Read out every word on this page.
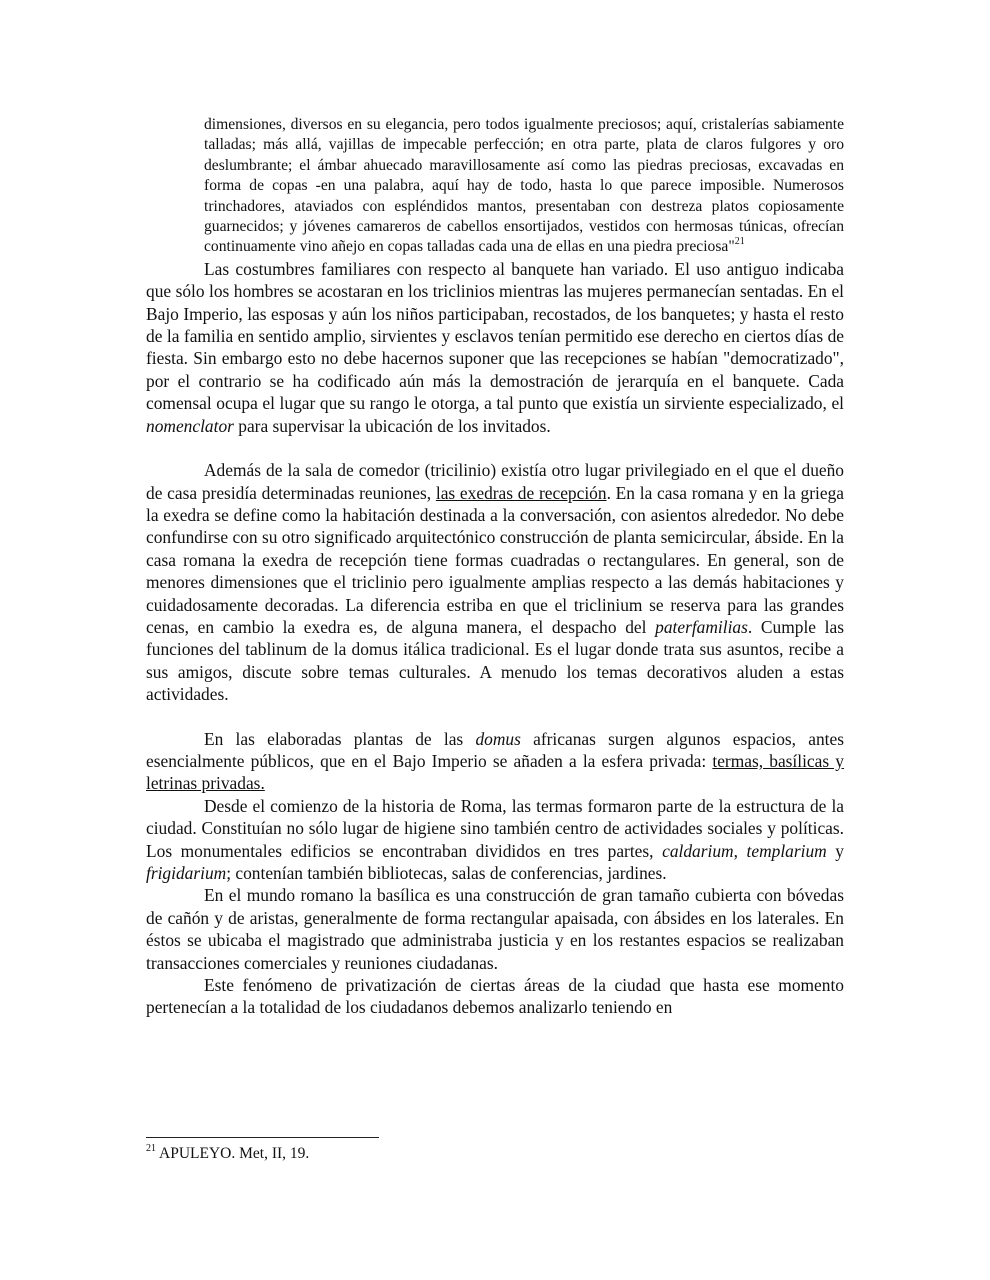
dimensiones, diversos en su elegancia, pero todos igualmente preciosos; aquí, cristalerías sabiamente talladas; más allá, vajillas de impecable perfección; en otra parte, plata de claros fulgores y oro deslumbrante; el ámbar ahuecado maravillosamente así como las piedras preciosas, excavadas en forma de copas -en una palabra, aquí hay de todo, hasta lo que parece imposible. Numerosos trinchadores, ataviados con espléndidos mantos, presentaban con destreza platos copiosamente guarnecidos; y jóvenes camareros de cabellos ensortijados, vestidos con hermosas túnicas, ofrecían continuamente vino añejo en copas talladas cada una de ellas en una piedra preciosa"$^{21}$

Las costumbres familiares con respecto al banquete han variado. El uso antiguo indicaba que sólo los hombres se acostaran en los triclinios mientras las mujeres permanecían sentadas. En el Bajo Imperio, las esposas y aún los niños participaban, recostados, de los banquetes; y hasta el resto de la familia en sentido amplio, sirvientes y esclavos tenían permitido ese derecho en ciertos días de fiesta. Sin embargo esto no debe hacernos suponer que las recepciones se habían "democratizado", por el contrario se ha codificado aún más la demostración de jerarquía en el banquete. Cada comensal ocupa el lugar que su rango le otorga, a tal punto que existía un sirviente especializado, el nomenclator para supervisar la ubicación de los invitados.

Además de la sala de comedor (tricilinio) existía otro lugar privilegiado en el que el dueño de casa presidía determinadas reuniones, las exedras de recepción. En la casa romana y en la griega la exedra se define como la habitación destinada a la conversación, con asientos alrededor. No debe confundirse con su otro significado arquitectónico construcción de planta semicircular, ábside. En la casa romana la exedra de recepción tiene formas cuadradas o rectangulares. En general, son de menores dimensiones que el triclinio pero igualmente amplias respecto a las demás habitaciones y cuidadosamente decoradas. La diferencia estriba en que el triclinium se reserva para las grandes cenas, en cambio la exedra es, de alguna manera, el despacho del paterfamilias. Cumple las funciones del tablinum de la domus itálica tradicional. Es el lugar donde trata sus asuntos, recibe a sus amigos, discute sobre temas culturales. A menudo los temas decorativos aluden a estas actividades.

En las elaboradas plantas de las domus africanas surgen algunos espacios, antes esencialmente públicos, que en el Bajo Imperio se añaden a la esfera privada: termas, basílicas y letrinas privadas.

Desde el comienzo de la historia de Roma, las termas formaron parte de la estructura de la ciudad. Constituían no sólo lugar de higiene sino también centro de actividades sociales y políticas. Los monumentales edificios se encontraban divididos en tres partes, caldarium, templarium y frigidarium; contenían también bibliotecas, salas de conferencias, jardines.

En el mundo romano la basílica es una construcción de gran tamaño cubierta con bóvedas de cañón y de aristas, generalmente de forma rectangular apaisada, con ábsides en los laterales. En éstos se ubicaba el magistrado que administraba justicia y en los restantes espacios se realizaban transacciones comerciales y reuniones ciudadanas.

Este fenómeno de privatización de ciertas áreas de la ciudad que hasta ese momento pertenecían a la totalidad de los ciudadanos debemos analizarlo teniendo en

$^{21}$ APULEYO. Met, II, 19.
